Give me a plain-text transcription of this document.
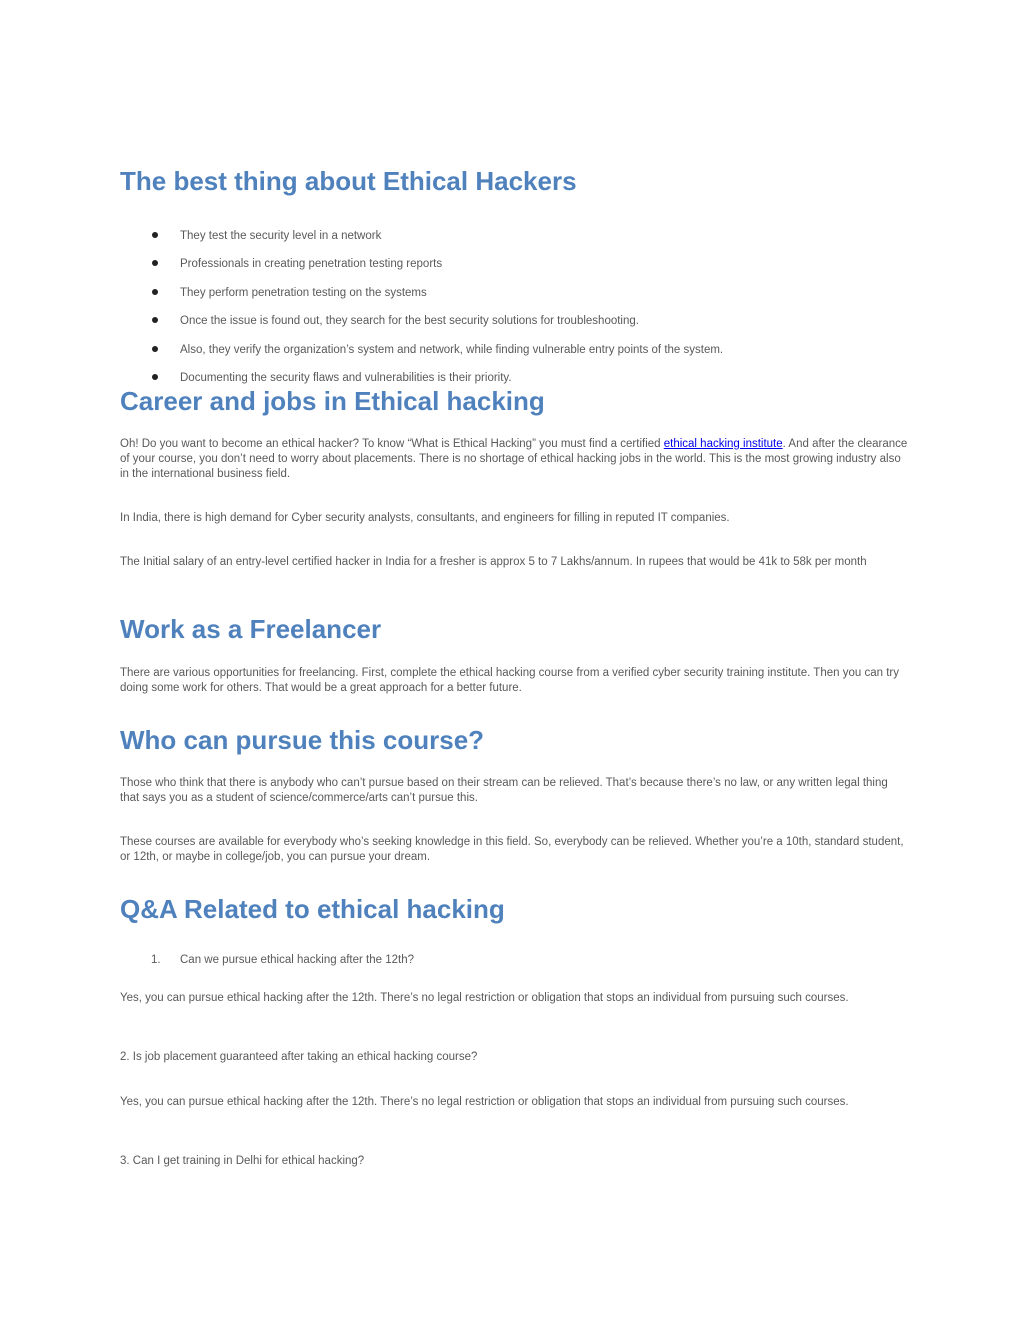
The best thing about Ethical Hackers
They test the security level in a network
Professionals in creating penetration testing reports
They perform penetration testing on the systems
Once the issue is found out, they search for the best security solutions for troubleshooting.
Also, they verify the organization’s system and network, while finding vulnerable entry points of the system.
Documenting the security flaws and vulnerabilities is their priority.
Career and jobs in Ethical hacking

Oh! Do you want to become an ethical hacker? To know “What is Ethical Hacking” you must find a certified ethical hacking institute. And after the clearance of your course, you don’t need to worry about placements. There is no shortage of ethical hacking jobs in the world. This is the most growing industry also in the international business field.

In India, there is high demand for Cyber security analysts, consultants, and engineers for filling in reputed IT companies.

The Initial salary of an entry-level certified hacker in India for a fresher is approx 5 to 7 Lakhs/annum. In rupees that would be 41k to 58k per month

Work as a Freelancer

There are various opportunities for freelancing. First, complete the ethical hacking course from a verified cyber security training institute. Then you can try doing some work for others. That would be a great approach for a better future.

Who can pursue this course?

Those who think that there is anybody who can’t pursue based on their stream can be relieved. That’s because there’s no law, or any written legal thing that says you as a student of science/commerce/arts can’t pursue this.

These courses are available for everybody who’s seeking knowledge in this field. So, everybody can be relieved. Whether you’re a 10th, standard student, or 12th, or maybe in college/job, you can pursue your dream.

Q&A Related to ethical hacking
1. Can we pursue ethical hacking after the 12th?

Yes, you can pursue ethical hacking after the 12th. There’s no legal restriction or obligation that stops an individual from pursuing such courses.

2. Is job placement guaranteed after taking an ethical hacking course?

Yes, you can pursue ethical hacking after the 12th. There’s no legal restriction or obligation that stops an individual from pursuing such courses.

3. Can I get training in Delhi for ethical hacking?
